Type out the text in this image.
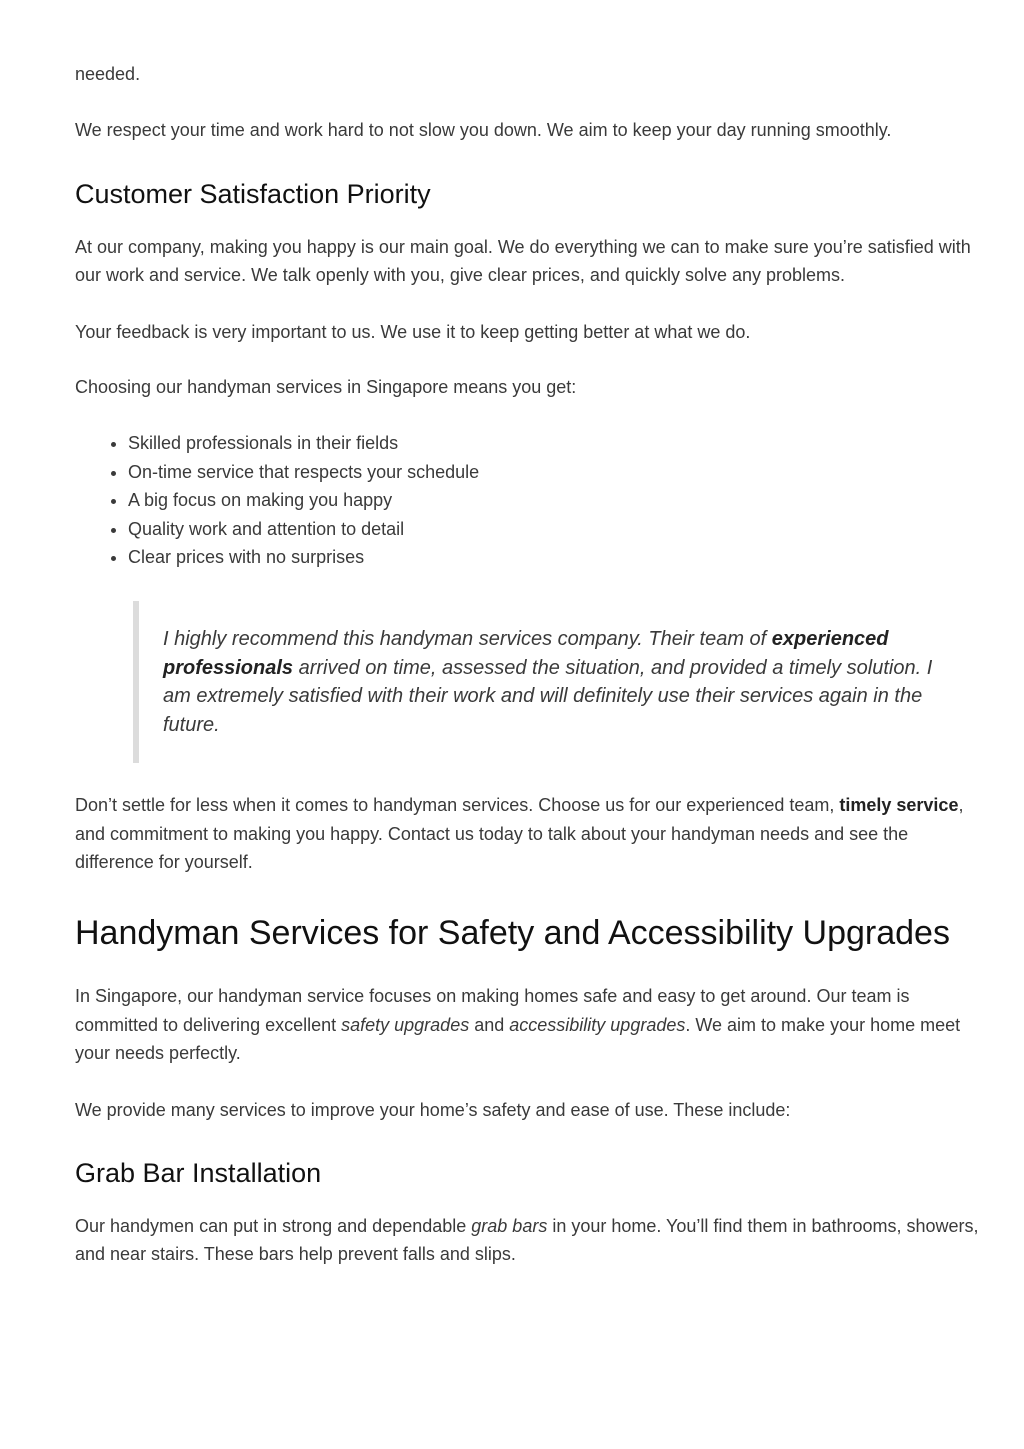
needed.

We respect your time and work hard to not slow you down. We aim to keep your day running smoothly.

Customer Satisfaction Priority

At our company, making you happy is our main goal. We do everything we can to make sure you’re satisfied with our work and service. We talk openly with you, give clear prices, and quickly solve any problems.

Your feedback is very important to us. We use it to keep getting better at what we do.

Choosing our handyman services in Singapore means you get:

• Skilled professionals in their fields
• On-time service that respects your schedule
• A big focus on making you happy
• Quality work and attention to detail
• Clear prices with no surprises

I highly recommend this handyman services company. Their team of experienced professionals arrived on time, assessed the situation, and provided a timely solution. I am extremely satisfied with their work and will definitely use their services again in the future.

Don’t settle for less when it comes to handyman services. Choose us for our experienced team, timely service, and commitment to making you happy. Contact us today to talk about your handyman needs and see the difference for yourself.

Handyman Services for Safety and Accessibility Upgrades

In Singapore, our handyman service focuses on making homes safe and easy to get around. Our team is committed to delivering excellent safety upgrades and accessibility upgrades. We aim to make your home meet your needs perfectly.

We provide many services to improve your home’s safety and ease of use. These include:

Grab Bar Installation

Our handymen can put in strong and dependable grab bars in your home. You’ll find them in bathrooms, showers, and near stairs. These bars help prevent falls and slips.
